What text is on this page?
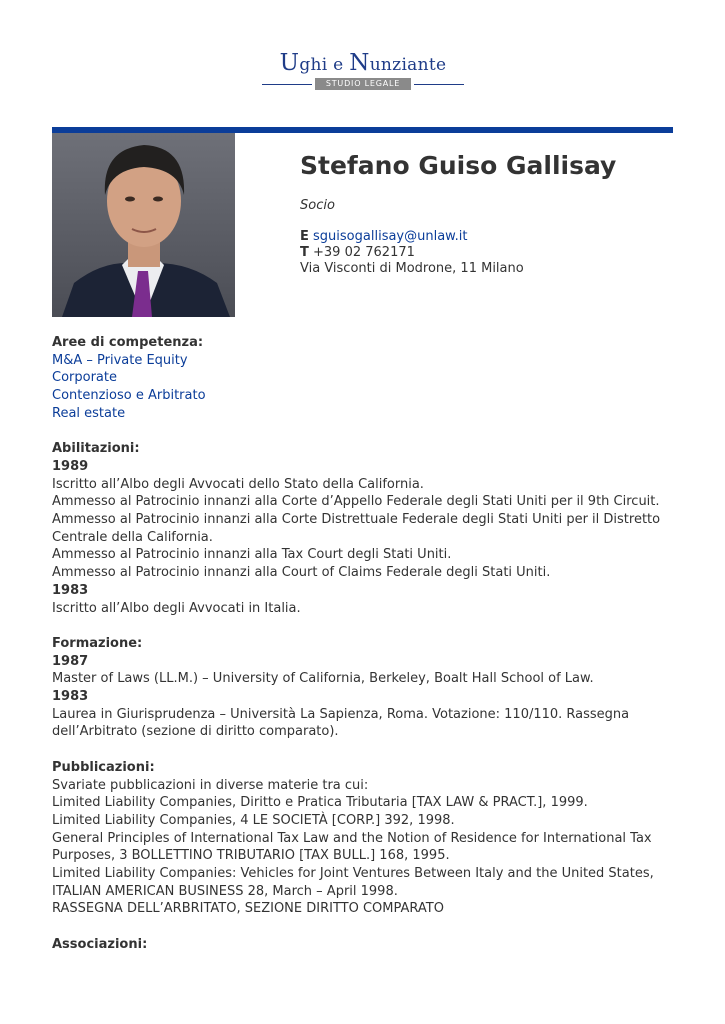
Ughi e Nunziante
STUDIO LEGALE
Stefano Guiso Gallisay
Socio
E sguisogallisay@unlaw.it
T +39 02 762171
Via Visconti di Modrone, 11 Milano
Aree di competenza:
M&A – Private Equity
Corporate
Contenzioso e Arbitrato
Real estate
Abilitazioni:
1989
Iscritto all’Albo degli Avvocati dello Stato della California.
Ammesso al Patrocinio innanzi alla Corte d’Appello Federale degli Stati Uniti per il 9th Circuit.
Ammesso al Patrocinio innanzi alla Corte Distrettuale Federale degli Stati Uniti per il Distretto Centrale della California.
Ammesso al Patrocinio innanzi alla Tax Court degli Stati Uniti.
Ammesso al Patrocinio innanzi alla Court of Claims Federale degli Stati Uniti.
1983
Iscritto all’Albo degli Avvocati in Italia.
Formazione:
1987
Master of Laws (LL.M.) – University of California, Berkeley, Boalt Hall School of Law.
1983
Laurea in Giurisprudenza – Università La Sapienza, Roma. Votazione: 110/110. Rassegna dell’Arbitrato (sezione di diritto comparato).
Pubblicazioni:
Svariate pubblicazioni in diverse materie tra cui:
Limited Liability Companies, Diritto e Pratica Tributaria [TAX LAW & PRACT.], 1999.
Limited Liability Companies, 4 LE SOCIETÀ [CORP.] 392, 1998.
General Principles of International Tax Law and the Notion of Residence for International Tax Purposes, 3 BOLLETTINO TRIBUTARIO [TAX BULL.] 168, 1995.
Limited Liability Companies: Vehicles for Joint Ventures Between Italy and the United States, ITALIAN AMERICAN BUSINESS 28, March – April 1998.
RASSEGNA DELL’ARBRITATO, SEZIONE DIRITTO COMPARATO
Associazioni:
